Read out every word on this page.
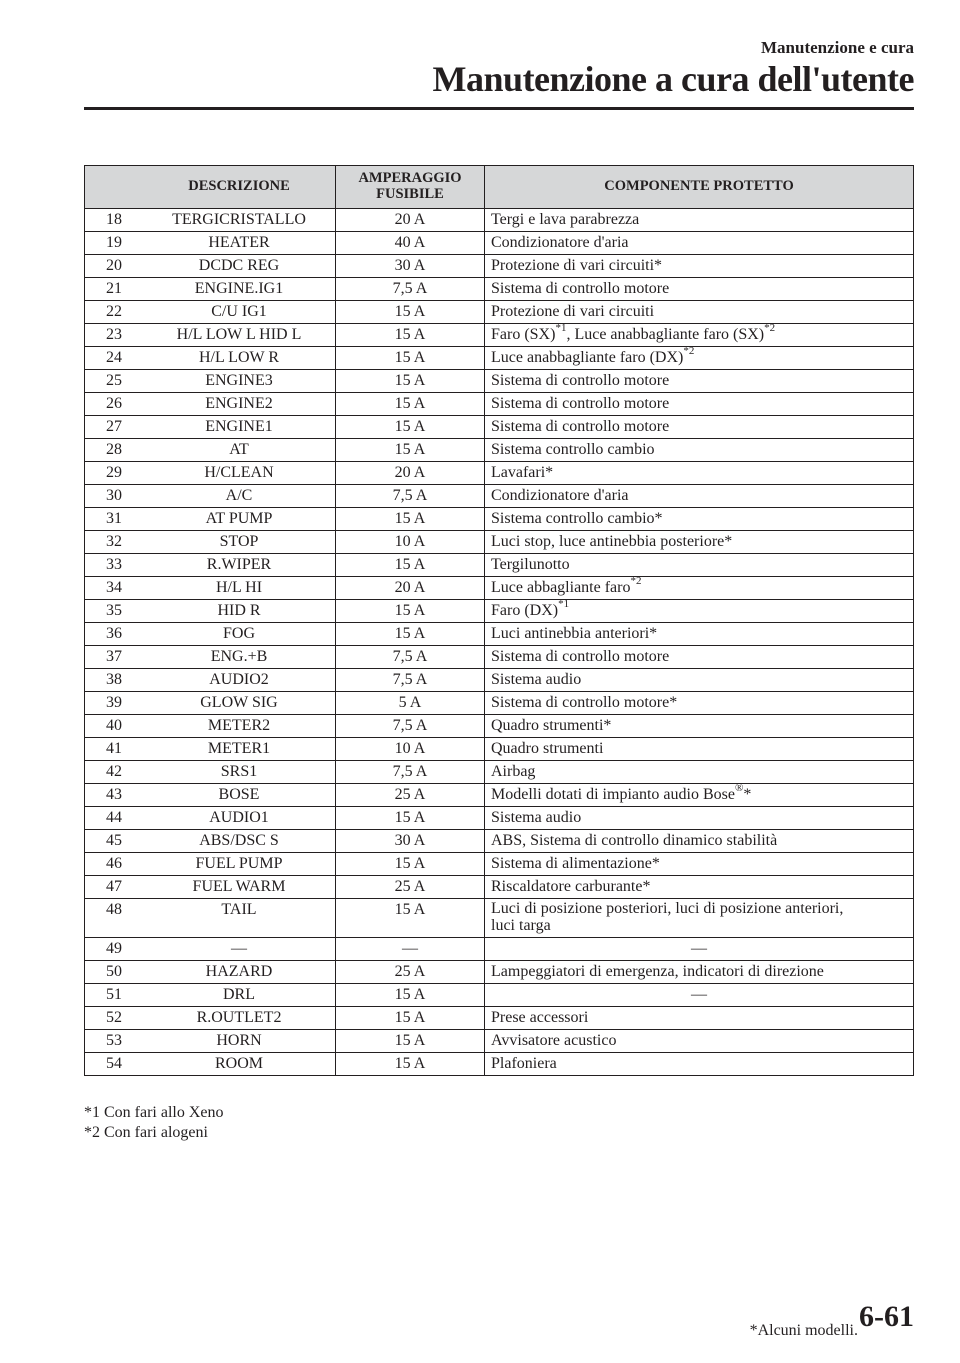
Manutenzione e cura
Manutenzione a cura dell'utente
	DESCRIZIONE	AMPERAGGIO FUSIBILE	COMPONENTE PROTETTO
18	TERGICRISTALLO	20 A	Tergi e lava parabrezza
19	HEATER	40 A	Condizionatore d'aria
20	DCDC REG	30 A	Protezione di vari circuiti*
21	ENGINE.IG1	7,5 A	Sistema di controllo motore
22	C/U IG1	15 A	Protezione di vari circuiti
23	H/L LOW L HID L	15 A	Faro (SX)$^{*1}$, Luce anabbagliante faro (SX)$^{*2}$
24	H/L LOW R	15 A	Luce anabbagliante faro (DX)$^{*2}$
25	ENGINE3	15 A	Sistema di controllo motore
26	ENGINE2	15 A	Sistema di controllo motore
27	ENGINE1	15 A	Sistema di controllo motore
28	AT	15 A	Sistema controllo cambio
29	H/CLEAN	20 A	Lavafari*
30	A/C	7,5 A	Condizionatore d'aria
31	AT PUMP	15 A	Sistema controllo cambio*
32	STOP	10 A	Luci stop, luce antinebbia posteriore*
33	R.WIPER	15 A	Tergilunotto
34	H/L HI	20 A	Luce abbagliante faro$^{*2}$
35	HID R	15 A	Faro (DX)$^{*1}$
36	FOG	15 A	Luci antinebbia anteriori*
37	ENG.+B	7,5 A	Sistema di controllo motore
38	AUDIO2	7,5 A	Sistema audio
39	GLOW SIG	5 A	Sistema di controllo motore*
40	METER2	7,5 A	Quadro strumenti*
41	METER1	10 A	Quadro strumenti
42	SRS1	7,5 A	Airbag
43	BOSE	25 A	Modelli dotati di impianto audio Bose®*
44	AUDIO1	15 A	Sistema audio
45	ABS/DSC S	30 A	ABS, Sistema di controllo dinamico stabilità
46	FUEL PUMP	15 A	Sistema di alimentazione*
47	FUEL WARM	25 A	Riscaldatore carburante*
48	TAIL	15 A	Luci di posizione posteriori, luci di posizione anteriori,
luci targa

49	—	—	—
50	HAZARD	25 A	Lampeggiatori di emergenza, indicatori di direzione
51	DRL	15 A	—
52	R.OUTLET2	15 A	Prese accessori
53	HORN	15 A	Avvisatore acustico
54	ROOM	15 A	Plafoniera
*1 Con fari allo Xeno
*2 Con fari alogeni
*Alcuni modelli. 6-61
